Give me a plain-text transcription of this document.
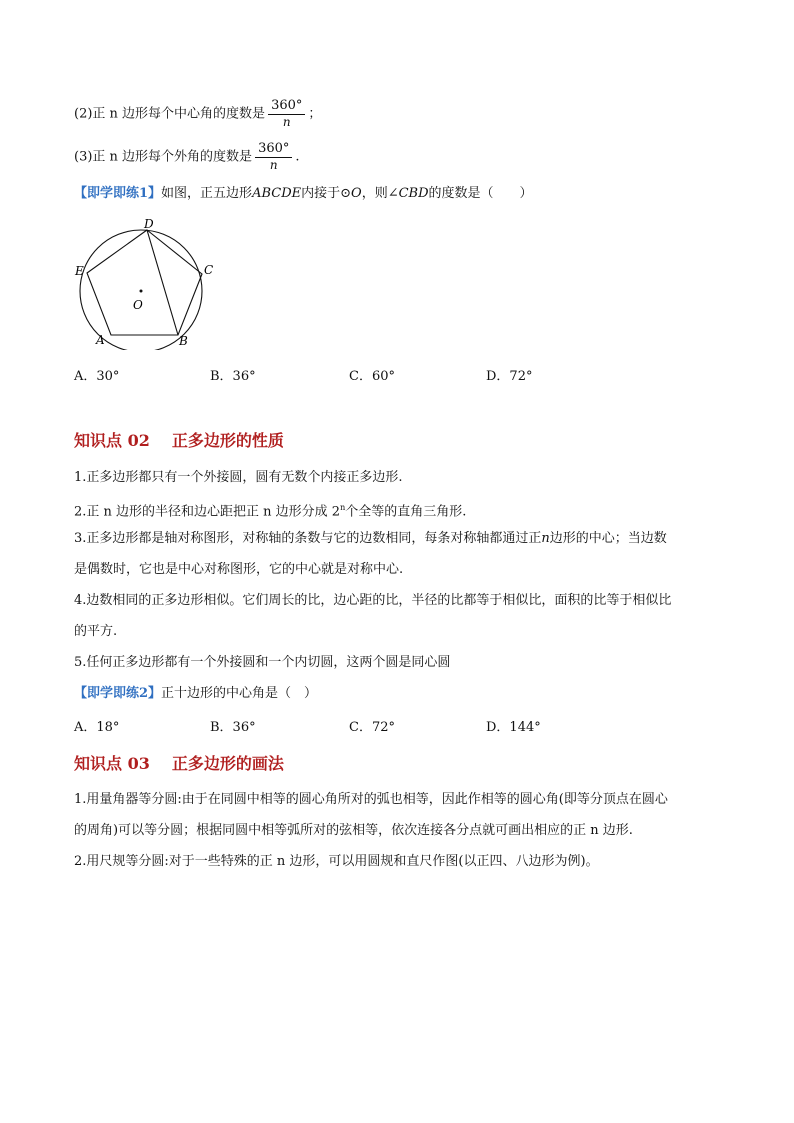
(2)正 n 边形每个中心角的度数是 $\frac{360^\circ}{n}$ ；
(3)正 n 边形每个外角的度数是 $\frac{360^\circ}{n}$ .
【即学即练1】如图，正五边形ABCDE内接于⊙O，则∠CBD的度数是（　　）
D
C
E
O
A	B
A．30°	B．36°	C．60°	D．72°
知识点 02 正多边形的性质
1.正多边形都只有一个外接圆，圆有无数个内接正多边形.
2.正 n 边形的半径和边心距把正 n 边形分成 2$^n$个全等的直角三角形.
3.正多边形都是轴对称图形，对称轴的条数与它的边数相同，每条对称轴都通过正n边形的中心；当边数
是偶数时，它也是中心对称图形，它的中心就是对称中心.
4.边数相同的正多边形相似。它们周长的比，边心距的比，半径的比都等于相似比，面积的比等于相似比
的平方.
5.任何正多边形都有一个外接圆和一个内切圆，这两个圆是同心圆
【即学即练2】正十边形的中心角是（　）
A．18°	B．36°	C．72°	D．144°
知识点 03 正多边形的画法
1.用量角器等分圆:由于在同圆中相等的圆心角所对的弧也相等，因此作相等的圆心角(即等分顶点在圆心
的周角)可以等分圆；根据同圆中相等弧所对的弦相等，依次连接各分点就可画出相应的正 n 边形.
2.用尺规等分圆:对于一些特殊的正 n 边形，可以用圆规和直尺作图(以正四、八边形为例)。
